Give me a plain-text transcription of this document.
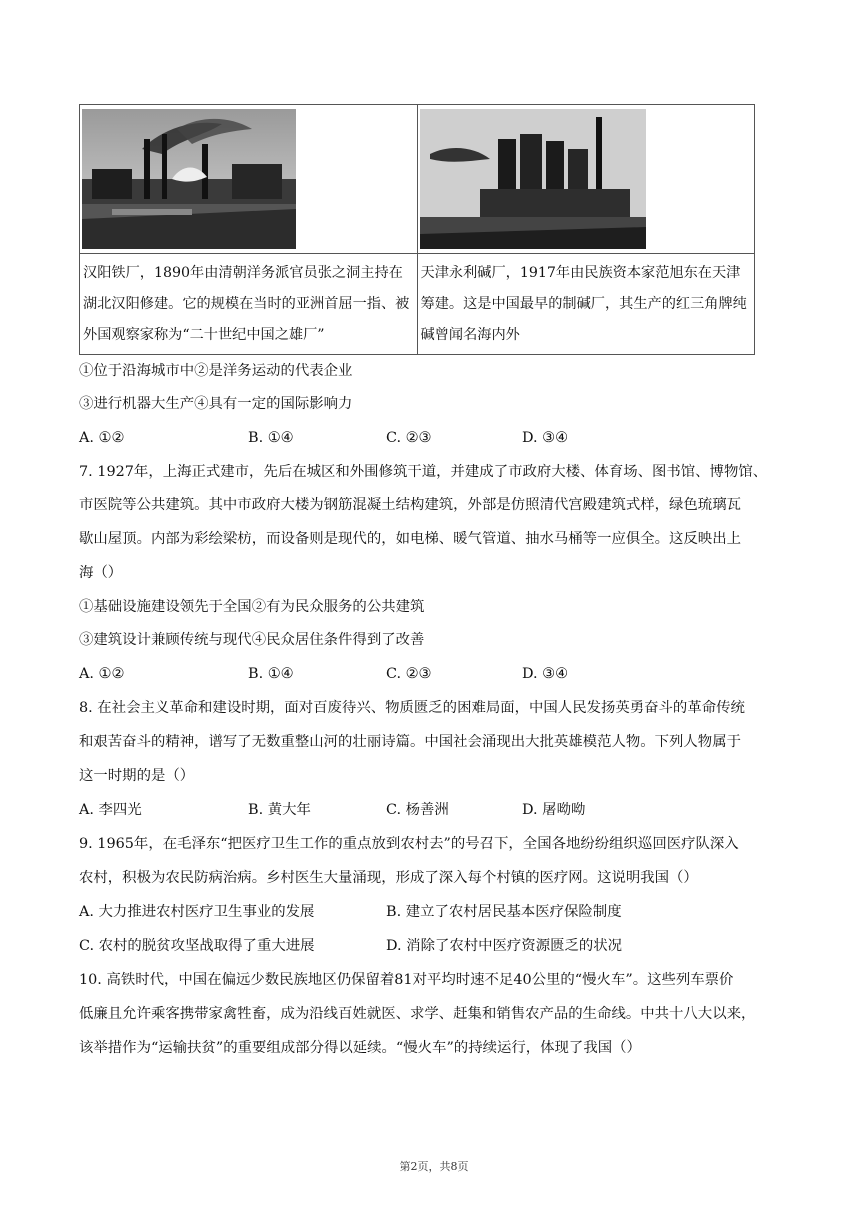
汉阳铁厂，1890年由清朝洋务派官员张之洞主持在湖北汉阳修建。它的规模在当时的亚洲首屈一指、被外国观察家称为“二十世纪中国之雄厂”	天津永利碱厂，1917年由民族资本家范旭东在天津筹建。这是中国最早的制碱厂，其生产的红三角牌纯碱曾闻名海内外
①位于沿海城市中②是洋务运动的代表企业
③进行机器大生产④具有一定的国际影响力
A. ①②	B. ①④	C. ②③	D. ③④
7. 1927年，上海正式建市，先后在城区和外围修筑干道，并建成了市政府大楼、体育场、图书馆、博物馆、
市医院等公共建筑。其中市政府大楼为钢筋混凝土结构建筑，外部是仿照清代宫殿建筑式样，绿色琉璃瓦
歇山屋顶。内部为彩绘梁枋，而设备则是现代的，如电梯、暖气管道、抽水马桶等一应俱全。这反映出上
海（）
①基础设施建设领先于全国②有为民众服务的公共建筑
③建筑设计兼顾传统与现代④民众居住条件得到了改善
A. ①②	B. ①④	C. ②③	D. ③④
8. 在社会主义革命和建设时期，面对百废待兴、物质匮乏的困难局面，中国人民发扬英勇奋斗的革命传统
和艰苦奋斗的精神，谱写了无数重整山河的壮丽诗篇。中国社会涌现出大批英雄模范人物。下列人物属于
这一时期的是（）
A. 李四光	B. 黄大年	C. 杨善洲	D. 屠呦呦
9. 1965年，在毛泽东“把医疗卫生工作的重点放到农村去”的号召下，全国各地纷纷组织巡回医疗队深入
农村，积极为农民防病治病。乡村医生大量涌现，形成了深入每个村镇的医疗网。这说明我国（）
A. 大力推进农村医疗卫生事业的发展	B. 建立了农村居民基本医疗保险制度
C. 农村的脱贫攻坚战取得了重大进展	D. 消除了农村中医疗资源匮乏的状况
10. 高铁时代，中国在偏远少数民族地区仍保留着81对平均时速不足40公里的“慢火车”。这些列车票价
低廉且允许乘客携带家禽牲畜，成为沿线百姓就医、求学、赶集和销售农产品的生命线。中共十八大以来，
该举措作为“运输扶贫”的重要组成部分得以延续。“慢火车”的持续运行，体现了我国（）
第2页，共8页
